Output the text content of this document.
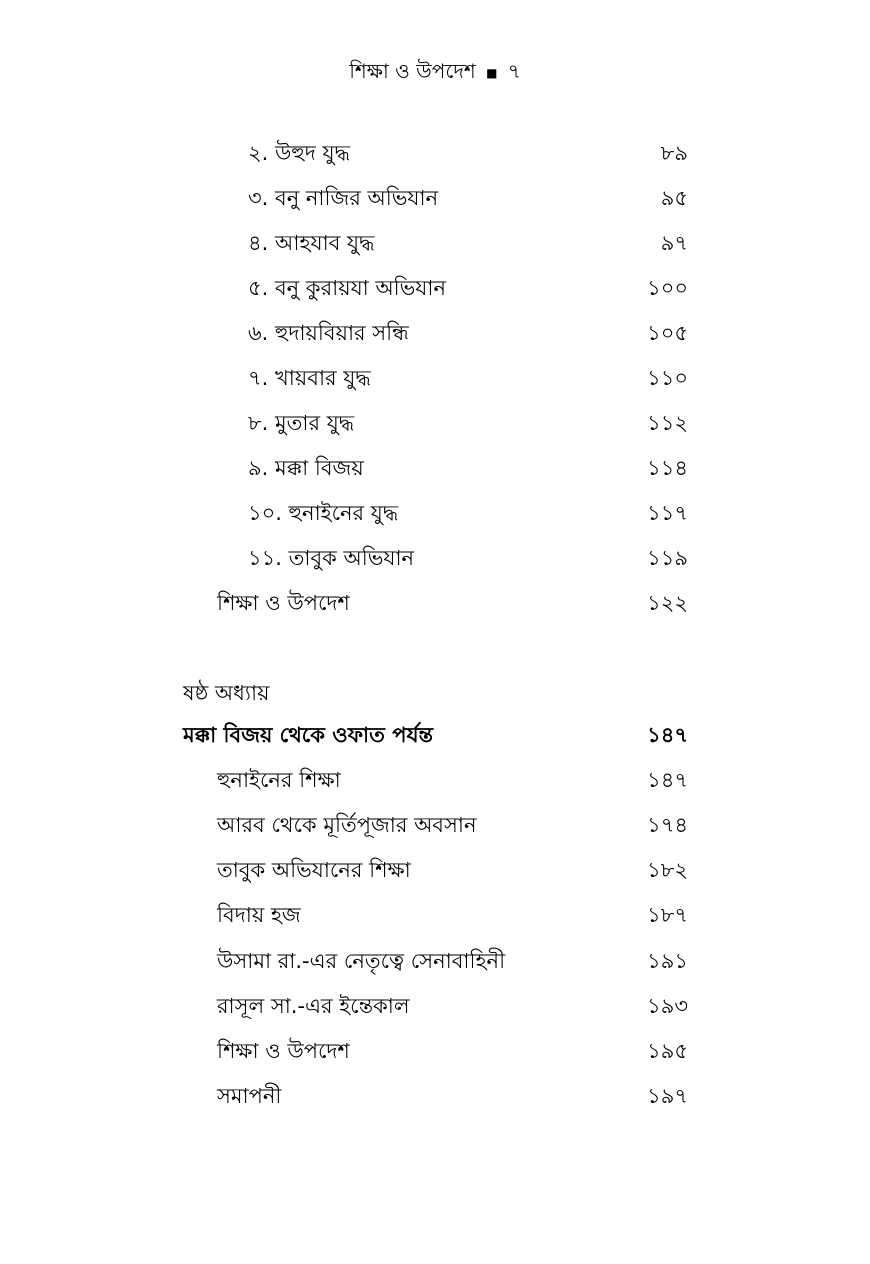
শিক্ষা ও উপদেশ ■ ৭
২. উহুদ যুদ্ধ	৮৯
৩. বনু নাজির অভিযান	৯৫
৪. আহযাব যুদ্ধ	৯৭
৫. বনু কুরায়যা অভিযান	১০০
৬. হুদায়বিয়ার সন্ধি	১০৫
৭. খায়বার যুদ্ধ	১১০
৮. মুতার যুদ্ধ	১১২
৯. মক্কা বিজয়	১১৪
১০. হুনাইনের যুদ্ধ	১১৭
১১. তাবুক অভিযান	১১৯
শিক্ষা ও উপদেশ	১২২
ষষ্ঠ অধ্যায়
মক্কা বিজয় থেকে ওফাত পর্যন্ত	১৪৭
হুনাইনের শিক্ষা	১৪৭
আরব থেকে মূর্তিপূজার অবসান	১৭৪
তাবুক অভিযানের শিক্ষা	১৮২
বিদায় হজ	১৮৭
উসামা রা.-এর নেতৃত্বে সেনাবাহিনী	১৯১
রাসূল সা.-এর ইন্তেকাল	১৯৩
শিক্ষা ও উপদেশ	১৯৫
সমাপনী	১৯৭
